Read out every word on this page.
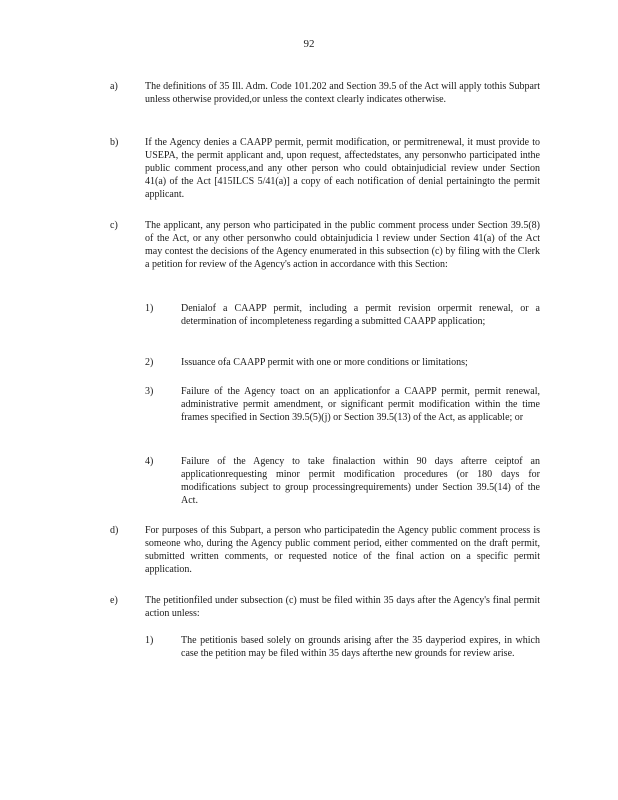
92
a)	The definitions of 35 Ill. Adm. Code 101.202 and Section 39.5 of the Act will apply tothis Subpart unless otherwise provided,or unless the context clearly indicates otherwise.
b)	If the Agency denies a CAAPP permit, permit modification, or permitrenewal, it must provide to USEPA, the permit applicant and, upon request, affectedstates, any personwho participated inthe public comment process,and any other person who could obtainjudicial review under Section 41(a) of the Act [415ILCS 5/41(a)] a copy of each notification of denial pertainingto the permit applicant.
c)	The applicant, any person who participated in the public comment process under Section 39.5(8) of the Act, or any other personwho could obtainjudicia l review under Section 41(a) of the Act may contest the decisions of the Agency enumerated in this subsection (c) by filing with the Clerk a petition for review of the Agency's action in accordance with this Section:
1)	Denialof a CAAPP permit, including a permit revision orpermit renewal, or a determination of incompleteness regarding a submitted CAAPP application;
2)	Issuance ofa CAAPP permit with one or more conditions or limitations;
3)	Failure of the Agency toact on an applicationfor a CAAPP permit, permit renewal, administrative permit amendment, or significant permit modification within the time frames specified in Section 39.5(5)(j) or Section 39.5(13) of the Act, as applicable; or
4)	Failure of the Agency to take finalaction within 90 days afterre ceiptof an applicationrequesting minor permit modification procedures (or 180 days for modifications subject to group processingrequirements) under Section 39.5(14) of the Act.
d)	For purposes of this Subpart, a person who participatedin the Agency public comment process is someone who, during the Agency public comment period, either commented on the draft permit, submitted written comments, or requested notice of the final action on a specific permit application.
e)	The petitionfiled under subsection (c) must be filed within 35 days after the Agency's final permit action unless:
1)	The petitionis based solely on grounds arising after the 35 dayperiod expires, in which case the petition may be filed within 35 days afterthe new grounds for review arise.
